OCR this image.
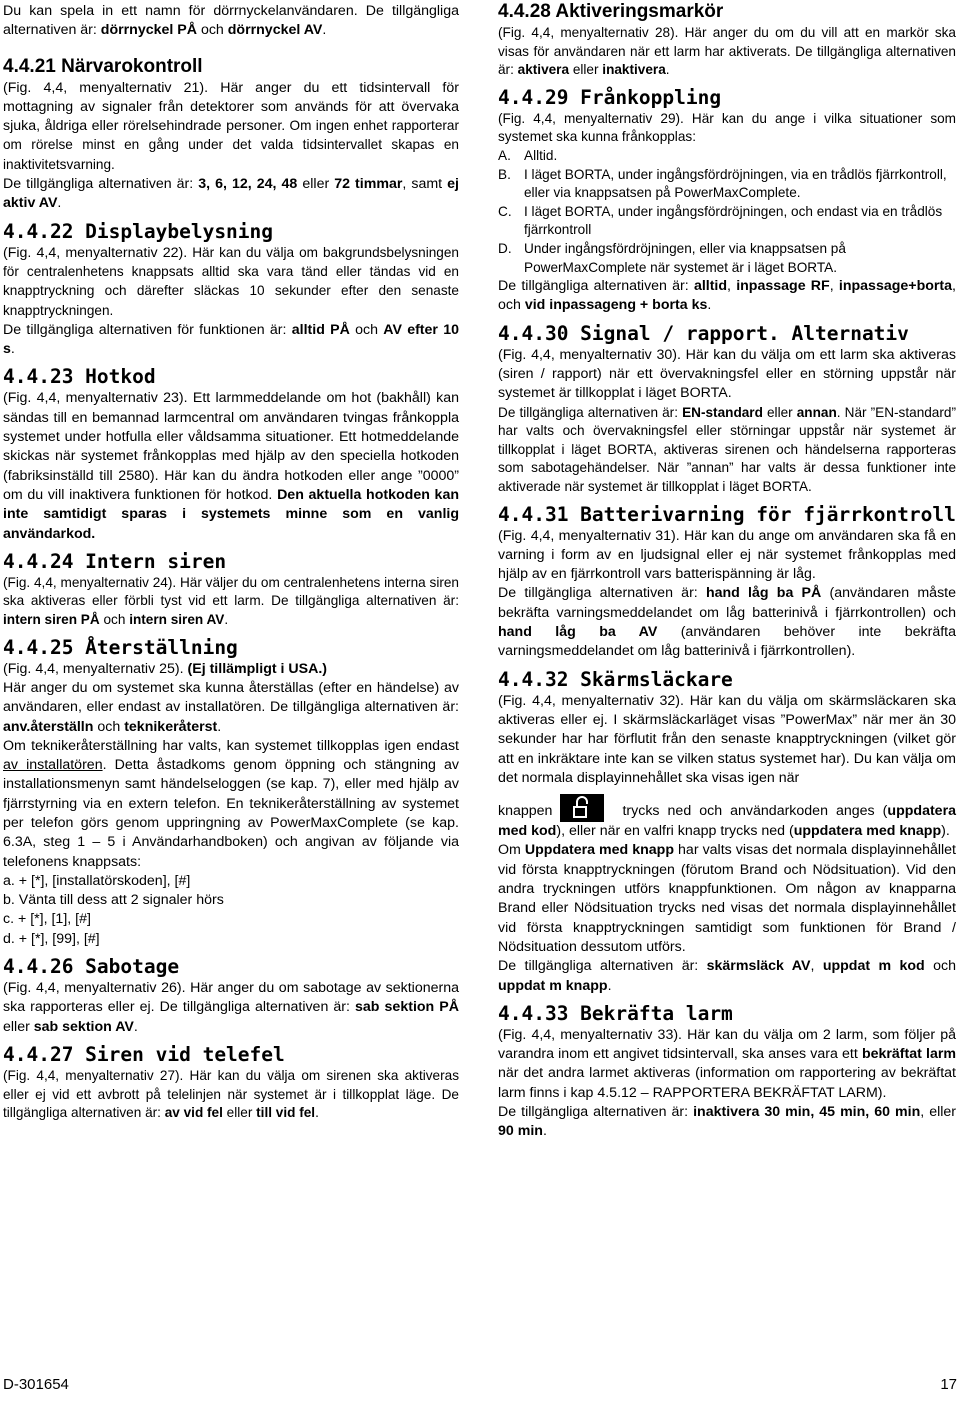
Du kan spela in ett namn för dörrnyckelanvändaren. De tillgängliga alternativen är: dörrnyckel PÅ och dörrnyckel AV.

4.4.21 Närvarokontroll

(Fig. 4,4, menyalternativ 21). Här anger du ett tidsintervall för mottagning av signaler från detektorer som används för att övervaka sjuka, åldriga eller rörelsehindrade personer. Om ingen enhet rapporterar om rörelse minst en gång under det valda tidsintervallet skapas en inaktivitetsvarning.

De tillgängliga alternativen är: 3, 6, 12, 24, 48 eller 72 timmar, samt ej aktiv AV.

4.4.22 Displaybelysning

(Fig. 4,4, menyalternativ 22). Här kan du välja om bakgrundsbelysningen för centralenhetens knappsats alltid ska vara tänd eller tändas vid en knapptryckning och därefter släckas 10 sekunder efter den senaste knapptryckningen.

De tillgängliga alternativen för funktionen är: alltid PÅ och AV efter 10 s.

4.4.23 Hotkod

(Fig. 4,4, menyalternativ 23). Ett larmmeddelande om hot (bakhåll) kan sändas till en bemannad larmcentral om användaren tvingas frånkoppla systemet under hotfulla eller våldsamma situationer. Ett hotmeddelande skickas när systemet frånkopplas med hjälp av den speciella hotkoden (fabriksinställd till 2580). Här kan du ändra hotkoden eller ange ”0000” om du vill inaktivera funktionen för hotkod. Den aktuella hotkoden kan inte samtidigt sparas i systemets minne som en vanlig användarkod.

4.4.24 Intern siren

(Fig. 4,4, menyalternativ 24). Här väljer du om centralenhetens interna siren ska aktiveras eller förbli tyst vid ett larm. De tillgängliga alternativen är: intern siren PÅ och intern siren AV.

4.4.25 Återställning

(Fig. 4,4, menyalternativ 25). (Ej tillämpligt i USA.)

Här anger du om systemet ska kunna återställas (efter en händelse) av användaren, eller endast av installatören. De tillgängliga alternativen är: anv.återställn och teknikeråterst.

Om teknikeråterställning har valts, kan systemet tillkopplas igen endast av installatören. Detta åstadkoms genom öppning och stängning av installationsmenyn samt händelseloggen (se kap. 7), eller med hjälp av fjärrstyrning via en extern telefon. En teknikeråterställning av systemet per telefon görs genom uppringning av PowerMaxComplete (se kap. 6.3A, steg 1 – 5 i Användarhandboken) och angivan av följande via telefonens knappsats:

a. + [*], [installatörskoden], [#]

b. Vänta till dess att 2 signaler hörs

c. + [*], [1], [#]

d. + [*], [99], [#]

4.4.26 Sabotage

(Fig. 4,4, menyalternativ 26). Här anger du om sabotage av sektionerna ska rapporteras eller ej. De tillgängliga alternativen är: sab sektion PÅ eller sab sektion AV.

4.4.27 Siren vid telefel

(Fig. 4,4, menyalternativ 27). Här kan du välja om sirenen ska aktiveras eller ej vid ett avbrott på telelinjen när systemet är i tillkopplat läge. De tillgängliga alternativen är: av vid fel eller till vid fel.

4.4.28 Aktiveringsmarkör

(Fig. 4,4, menyalternativ 28). Här anger du om du vill att en markör ska visas för användaren när ett larm har aktiverats. De tillgängliga alternativen är: aktivera eller inaktivera.

4.4.29 Frånkoppling

(Fig. 4,4, menyalternativ 29). Här kan du ange i vilka situationer som systemet ska kunna frånkopplas:

A. Alltid.
B. I läget BORTA, under ingångsfördröjningen, via en trådlös fjärrkontroll, eller via knappsatsen på PowerMaxComplete.
C. I läget BORTA, under ingångsfördröjningen, och endast via en trådlös fjärrkontroll
D. Under ingångsfördröjningen, eller via knappsatsen på PowerMaxComplete när systemet är i läget BORTA.

De tillgängliga alternativen är: alltid, inpassage RF, inpassage+borta, och vid inpassageng + borta ks.

4.4.30 Signal / rapport. Alternativ

(Fig. 4,4, menyalternativ 30). Här kan du välja om ett larm ska aktiveras (siren / rapport) när ett övervakningsfel eller en störning uppstår när systemet är tillkopplat i läget BORTA.

De tillgängliga alternativen är: EN-standard eller annan. När ”EN-standard” har valts och övervakningsfel eller störningar uppstår när systemet är tillkopplat i läget BORTA, aktiveras sirenen och händelserna rapporteras som sabotagehändelser. När ”annan” har valts är dessa funktioner inte aktiverade när systemet är tillkopplat i läget BORTA.

4.4.31 Batterivarning för fjärrkontroll

(Fig. 4,4, menyalternativ 31). Här kan du ange om användaren ska få en varning i form av en ljudsignal eller ej när systemet frånkopplas med hjälp av en fjärrkontroll vars batterispänning är låg.

De tillgängliga alternativen är: hand låg ba PÅ (användaren måste bekräfta varningsmeddelandet om låg batterinivå i fjärrkontrollen) och hand låg ba AV (användaren behöver inte bekräfta varningsmeddelandet om låg batterinivå i fjärrkontrollen).

4.4.32 Skärmsläckare

(Fig. 4,4, menyalternativ 32). Här kan du välja om skärmsläckaren ska aktiveras eller ej. I skärmsläckarläget visas ”PowerMax” när mer än 30 sekunder har har förflutit från den senaste knapptryckningen (vilket gör att en inkräktare inte kan se vilken status systemet har). Du kan välja om det normala displayinnehållet ska visas igen när

knappen	trycks ned och användarkoden anges (uppdatera med kod), eller när en valfri knapp trycks ned (uppdatera med knapp).

Om Uppdatera med knapp har valts visas det normala displayinnehållet vid första knapptryckningen (förutom Brand och Nödsituation). Vid den andra tryckningen utförs knappfunktionen. Om någon av knapparna Brand eller Nödsituation trycks ned visas det normala displayinnehållet vid första knapptryckningen samtidigt som funktionen för Brand / Nödsituation dessutom utförs.

De tillgängliga alternativen är: skärmsläck AV, uppdat m kod och uppdat m knapp.

4.4.33 Bekräfta larm

(Fig. 4,4, menyalternativ 33). Här kan du välja om 2 larm, som följer på varandra inom ett angivet tidsintervall, ska anses vara ett bekräftat larm när det andra larmet aktiveras (information om rapportering av bekräftat larm finns i kap 4.5.12 – RAPPORTERA BEKRÄFTAT LARM).

De tillgängliga alternativen är: inaktivera 30 min, 45 min, 60 min, eller 90 min.

D-301654	17
